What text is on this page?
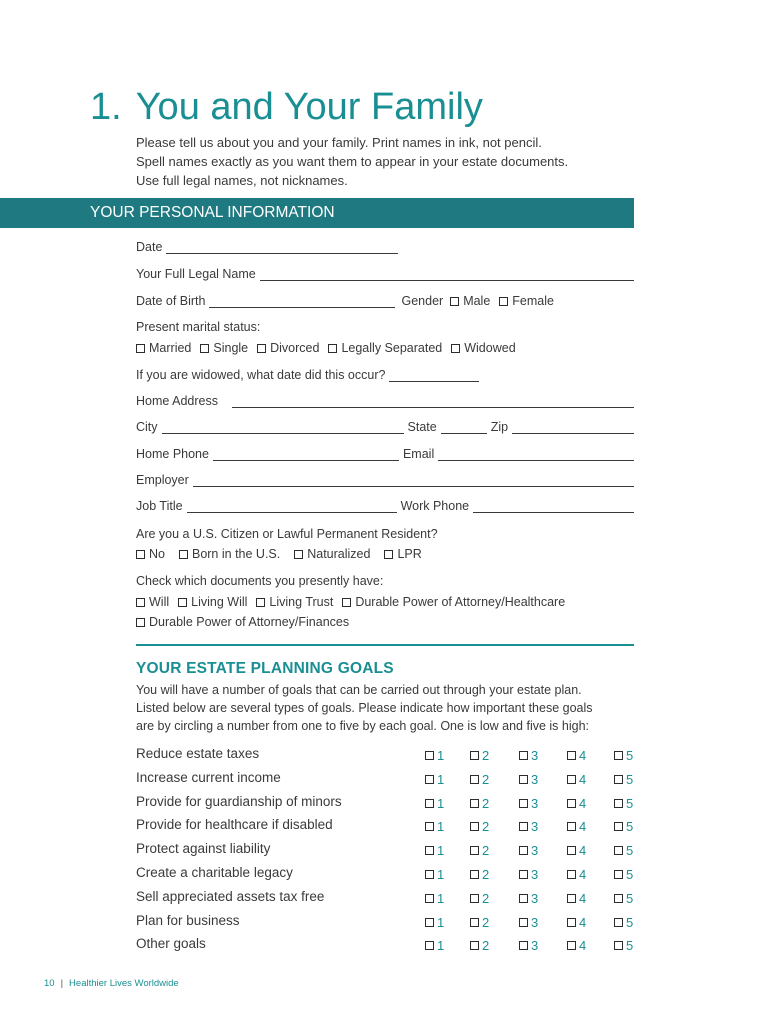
1. You and Your Family
Please tell us about you and your family. Print names in ink, not pencil.
Spell names exactly as you want them to appear in your estate documents.
Use full legal names, not nicknames.
YOUR PERSONAL INFORMATION
Date
Your Full Legal Name
Date of Birth	Gender Male Female
Present marital status:
Married Single Divorced Legally Separated Widowed
If you are widowed, what date did this occur?
Home Address
City	State	Zip
Home Phone	Email
Employer
Job Title	Work Phone
Are you a U.S. Citizen or Lawful Permanent Resident?
No Born in the U.S. Naturalized LPR
Check which documents you presently have:
Will Living Will Living Trust Durable Power of Attorney/Healthcare
Durable Power of Attorney/Finances
YOUR ESTATE PLANNING GOALS
You will have a number of goals that can be carried out through your estate plan.
Listed below are several types of goals. Please indicate how important these goals
are by circling a number from one to five by each goal. One is low and five is high:
Reduce estate taxes	1	2	3	4	5
Increase current income	1	2	3	4	5
Provide for guardianship of minors	1	2	3	4	5
Provide for healthcare if disabled	1	2	3	4	5
Protect against liability	1	2	3	4	5
Create a charitable legacy	1	2	3	4	5
Sell appreciated assets tax free	1	2	3	4	5
Plan for business	1	2	3	4	5
Other goals	1	2	3	4	5
10 | Healthier Lives Worldwide
